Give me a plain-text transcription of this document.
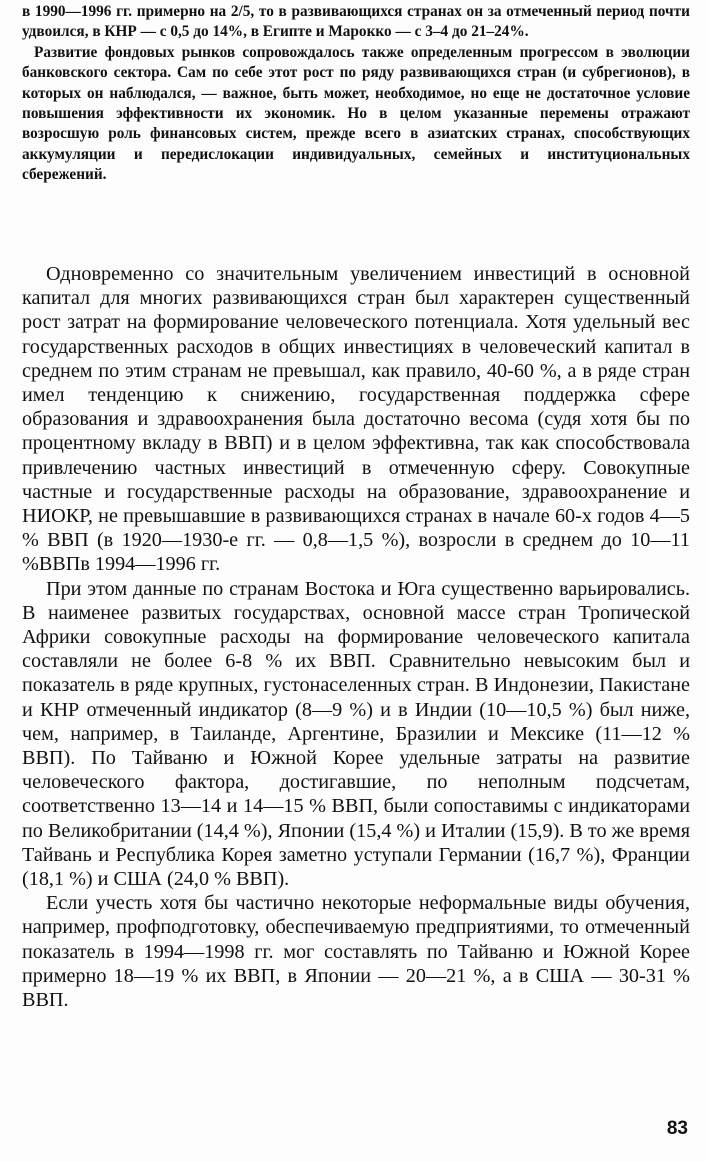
в 1990—1996 гг. примерно на 2/5, то в развивающихся странах он за отмеченный период почти удвоился, в КНР — с 0,5 до 14%, в Египте и Марокко — с 3–4 до 21–24%.

Развитие фондовых рынков сопровождалось также определенным прогрессом в эволюции банковского сектора. Сам по себе этот рост по ряду развивающихся стран (и субрегионов), в которых он наблюдался, — важное, быть может, необходимое, но еще не достаточное условие повышения эффективности их экономик. Но в целом указанные перемены отражают возросшую роль финансовых систем, прежде всего в азиатских странах, способствующих аккумуляции и передислокации индивидуальных, семейных и институциональных сбережений.

Одновременно со значительным увеличением инвестиций в основной капитал для многих развивающихся стран был характерен существенный рост затрат на формирование человеческого потенциала. Хотя удельный вес государственных расходов в общих инвестициях в человеческий капитал в среднем по этим странам не превышал, как правило, 40-60 %, а в ряде стран имел тенденцию к снижению, государственная поддержка сфере образования и здравоохранения была достаточно весома (судя хотя бы по процентному вкладу в ВВП) и в целом эффективна, так как способствовала привлечению частных инвестиций в отмеченную сферу. Совокупные частные и государственные расходы на образование, здравоохранение и НИОКР, не превышавшие в развивающихся странах в начале 60-х годов 4—5 % ВВП (в 1920—1930-е гг. — 0,8—1,5 %), возросли в среднем до 10—11 %ВВПв 1994—1996 гг.

При этом данные по странам Востока и Юга существенно варьировались. В наименее развитых государствах, основной массе стран Тропической Африки совокупные расходы на формирование человеческого капитала составляли не более 6-8 % их ВВП. Сравнительно невысоким был и показатель в ряде крупных, густонаселенных стран. В Индонезии, Пакистане и КНР отмеченный индикатор (8—9 %) и в Индии (10—10,5 %) был ниже, чем, например, в Таиланде, Аргентине, Бразилии и Мексике (11—12 % ВВП). По Тайваню и Южной Корее удельные затраты на развитие человеческого фактора, достигавшие, по неполным подсчетам, соответственно 13—14 и 14—15 % ВВП, были сопоставимы с индикаторами по Великобритании (14,4 %), Японии (15,4 %) и Италии (15,9). В то же время Тайвань и Республика Корея заметно уступали Германии (16,7 %), Франции (18,1 %) и США (24,0 % ВВП).

Если учесть хотя бы частично некоторые неформальные виды обучения, например, профподготовку, обеспечиваемую предприятиями, то отмеченный показатель в 1994—1998 гг. мог составлять по Тайваню и Южной Корее примерно 18—19 % их ВВП, в Японии — 20—21 %, а в США — 30-31 % ВВП.

83
